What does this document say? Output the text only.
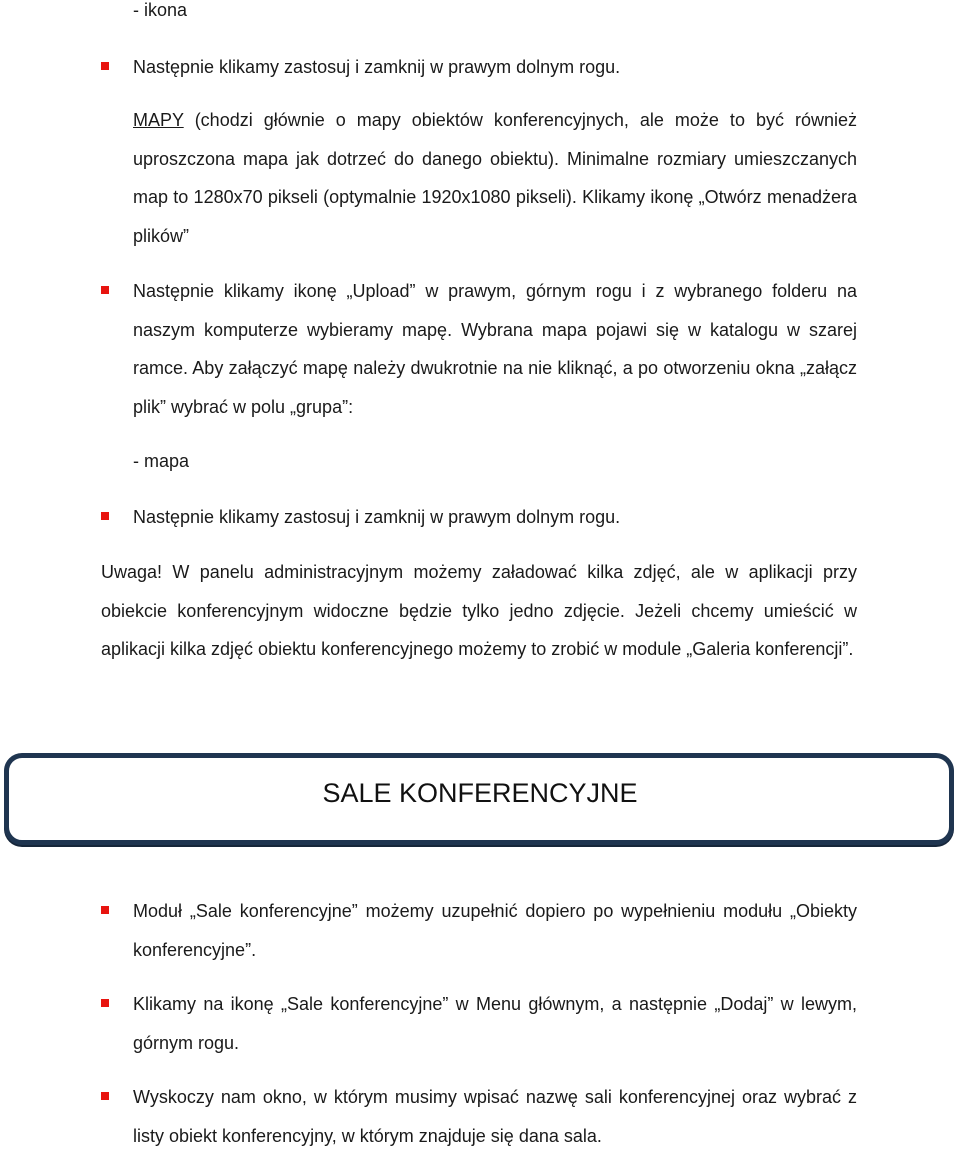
- ikona
Następnie klikamy zastosuj i zamknij w prawym dolnym rogu.
MAPY (chodzi głównie o mapy obiektów konferencyjnych, ale może to być również uproszczona mapa jak dotrzeć do danego obiektu). Minimalne rozmiary umieszczanych map to 1280x70 pikseli (optymalnie 1920x1080 pikseli). Klikamy ikonę „Otwórz menadżera plików”
Następnie klikamy ikonę „Upload” w prawym, górnym rogu i z wybranego folderu na naszym komputerze wybieramy mapę. Wybrana mapa pojawi się w katalogu w szarej ramce. Aby załączyć mapę należy dwukrotnie na nie kliknąć, a po otworzeniu okna „załącz plik” wybrać w polu „grupa”:
- mapa
Następnie klikamy zastosuj i zamknij w prawym dolnym rogu.
Uwaga! W panelu administracyjnym możemy załadować kilka zdjęć, ale w aplikacji przy obiekcie konferencyjnym widoczne będzie tylko jedno zdjęcie. Jeżeli chcemy umieścić w aplikacji kilka zdjęć obiektu konferencyjnego możemy to zrobić w module „Galeria konferencji”.
SALE KONFERENCYJNE
Moduł „Sale konferencyjne” możemy uzupełnić dopiero po wypełnieniu modułu „Obiekty konferencyjne”.
Klikamy na ikonę „Sale konferencyjne” w Menu głównym, a następnie „Dodaj” w lewym, górnym rogu.
Wyskoczy nam okno, w którym musimy wpisać nazwę sali konferencyjnej oraz wybrać z listy obiekt konferencyjny, w którym znajduje się dana sala.
